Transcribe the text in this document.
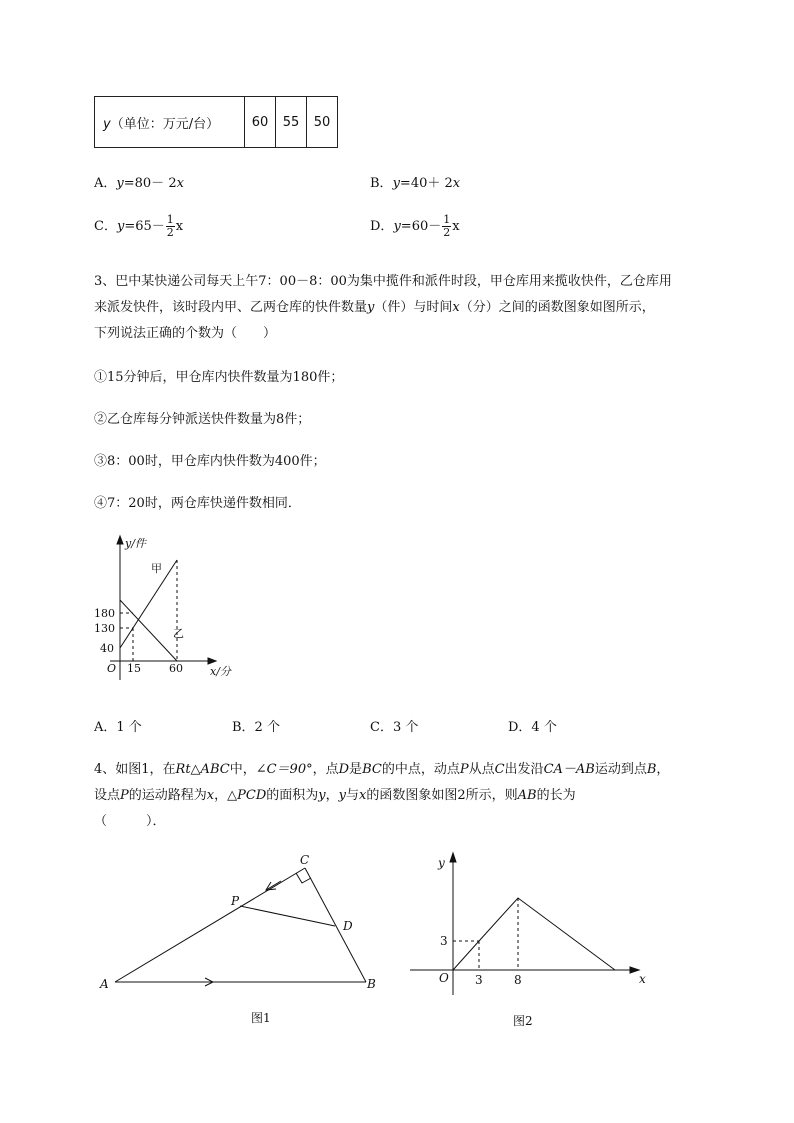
y（单位：万元/台）	60	55	50
A．y=80－ 2x	B．y=40＋ 2x
C．$y=65- \frac{1}{2}$ x	D．$y=60- \frac{1}{2}$ x
3、巴中某快递公司每天上午7：00－8：00为集中揽件和派件时段，甲仓库用来揽收快件，乙仓库用
来派发快件，该时段内甲、乙两仓库的快件数量y（件）与时间x（分）之间的函数图象如图所示，
下列说法正确的个数为（　　）
①15分钟后，甲仓库内快件数量为180件；
②乙仓库每分钟派送快件数量为8件；
③8：00时，甲仓库内快件数为400件；
④7：20时，两仓库快递件数相同．
y/件
x/分
O
180
130
40
15	60
甲
乙
A．1 个	B．2 个	C．3 个	D．4 个
4、如图1，在Rt△ABC中，∠C＝90°，点D是BC的中点，动点P从点C出发沿CA－AB运动到点B，
设点P的运动路程为x，△PCD的面积为y，y与x的函数图象如图2所示，则AB的长为
（　　　）．
A	B
C
D
P
图1
y
x
O
3
3	8
图2
